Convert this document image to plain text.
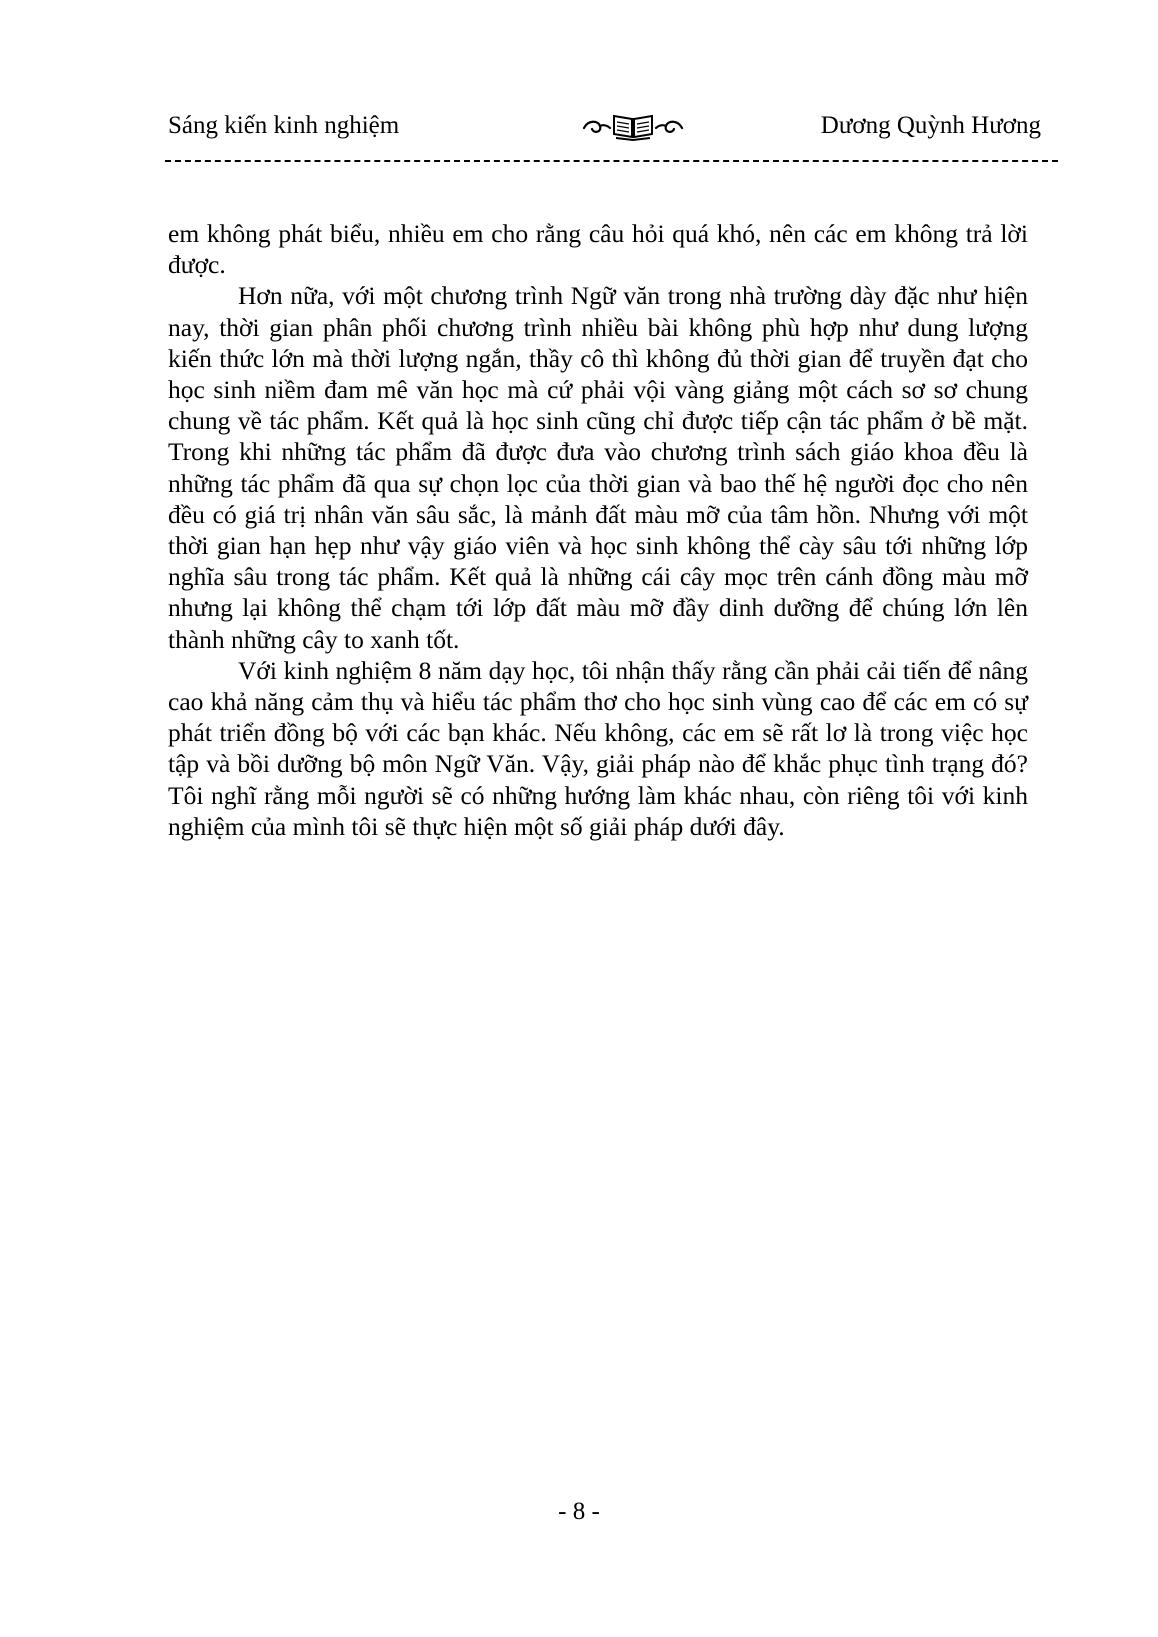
Sáng kiến kinh nghiệm	Dương Quỳnh Hương

em không phát biểu, nhiều em cho rằng câu hỏi quá khó, nên các em không trả lời được.

Hơn nữa, với một chương trình Ngữ văn trong nhà trường dày đặc như hiện nay, thời gian phân phối chương trình nhiều bài không phù hợp như dung lượng kiến thức lớn mà thời lượng ngắn, thầy cô thì không đủ thời gian để truyền đạt cho học sinh niềm đam mê văn học mà cứ phải vội vàng giảng một cách sơ sơ chung chung về tác phẩm. Kết quả là học sinh cũng chỉ được tiếp cận tác phẩm ở bề mặt. Trong khi những tác phẩm đã được đưa vào chương trình sách giáo khoa đều là những tác phẩm đã qua sự chọn lọc của thời gian và bao thế hệ người đọc cho nên đều có giá trị nhân văn sâu sắc, là mảnh đất màu mỡ của tâm hồn. Nhưng với một thời gian hạn hẹp như vậy giáo viên và học sinh không thể cày sâu tới những lớp nghĩa sâu trong tác phẩm. Kết quả là những cái cây mọc trên cánh đồng màu mỡ nhưng lại không thể chạm tới lớp đất màu mỡ đầy dinh dưỡng để chúng lớn lên thành những cây to xanh tốt.

Với kinh nghiệm 8 năm dạy học, tôi nhận thấy rằng cần phải cải tiến để nâng cao khả năng cảm thụ và hiểu tác phẩm thơ cho học sinh vùng cao để các em có sự phát triển đồng bộ với các bạn khác. Nếu không, các em sẽ rất lơ là trong việc học tập và bồi dưỡng bộ môn Ngữ Văn. Vậy, giải pháp nào để khắc phục tình trạng đó? Tôi nghĩ rằng mỗi người sẽ có những hướng làm khác nhau, còn riêng tôi với kinh nghiệm của mình tôi sẽ thực hiện một số giải pháp dưới đây.

- 8 -
